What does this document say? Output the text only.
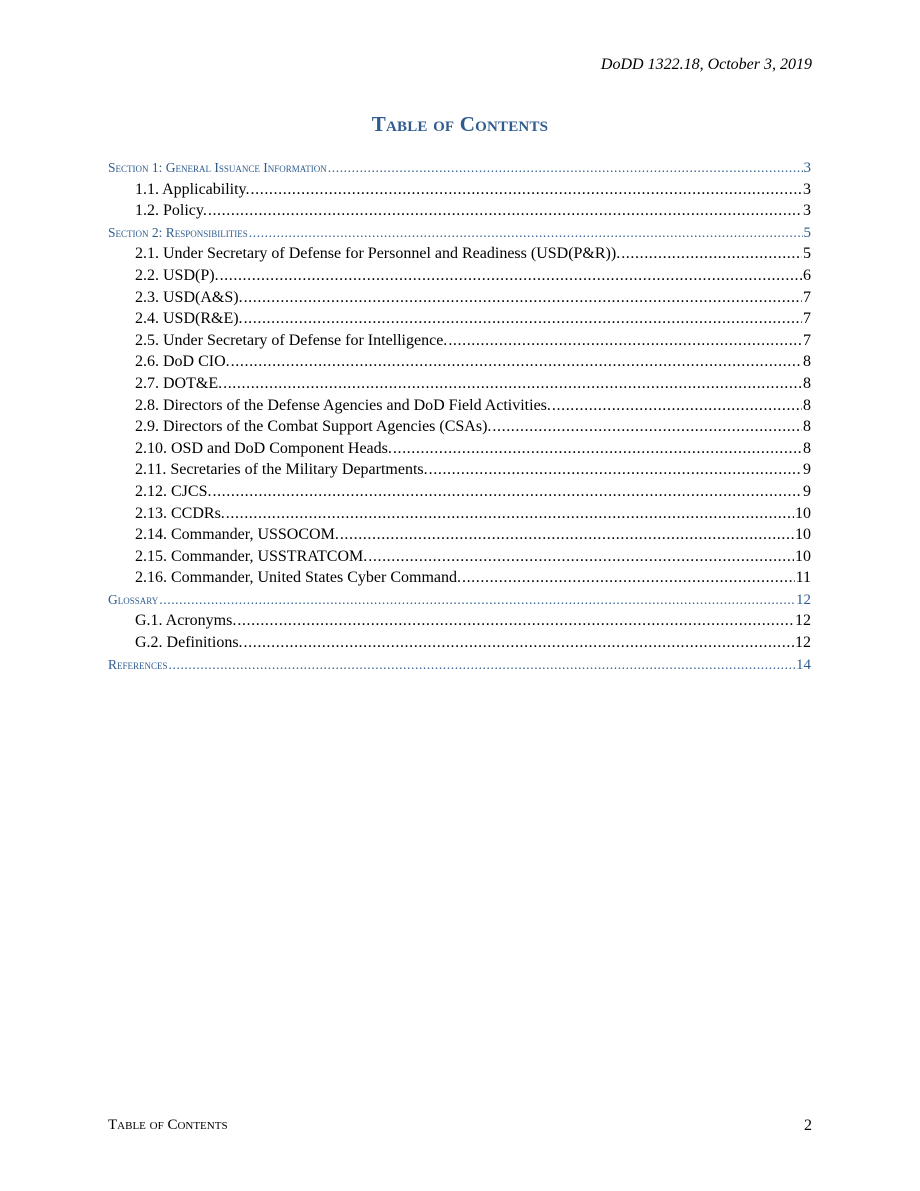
DoDD 1322.18, October 3, 2019
Table of Contents
Section 1: General Issuance Information .....	3
1.1. Applicability. .....	3
1.2. Policy. .....	3
Section 2: Responsibilities .....	5
2.1. Under Secretary of Defense for Personnel and Readiness (USD(P&R)). .....	5
2.2. USD(P). .....	6
2.3. USD(A&S). .....	7
2.4. USD(R&E). .....	7
2.5. Under Secretary of Defense for Intelligence. .....	7
2.6. DoD CIO. .....	8
2.7. DOT&E. .....	8
2.8. Directors of the Defense Agencies and DoD Field Activities. .....	8
2.9. Directors of the Combat Support Agencies (CSAs). .....	8
2.10. OSD and DoD Component Heads. .....	8
2.11. Secretaries of the Military Departments. .....	9
2.12. CJCS. .....	9
2.13. CCDRs. .....	10
2.14. Commander, USSOCOM. .....	10
2.15. Commander, USSTRATCOM. .....	10
2.16. Commander, United States Cyber Command. .....	11
Glossary .....	12
G.1. Acronyms. .....	12
G.2. Definitions. .....	12
References .....	14
Table of Contents	2
